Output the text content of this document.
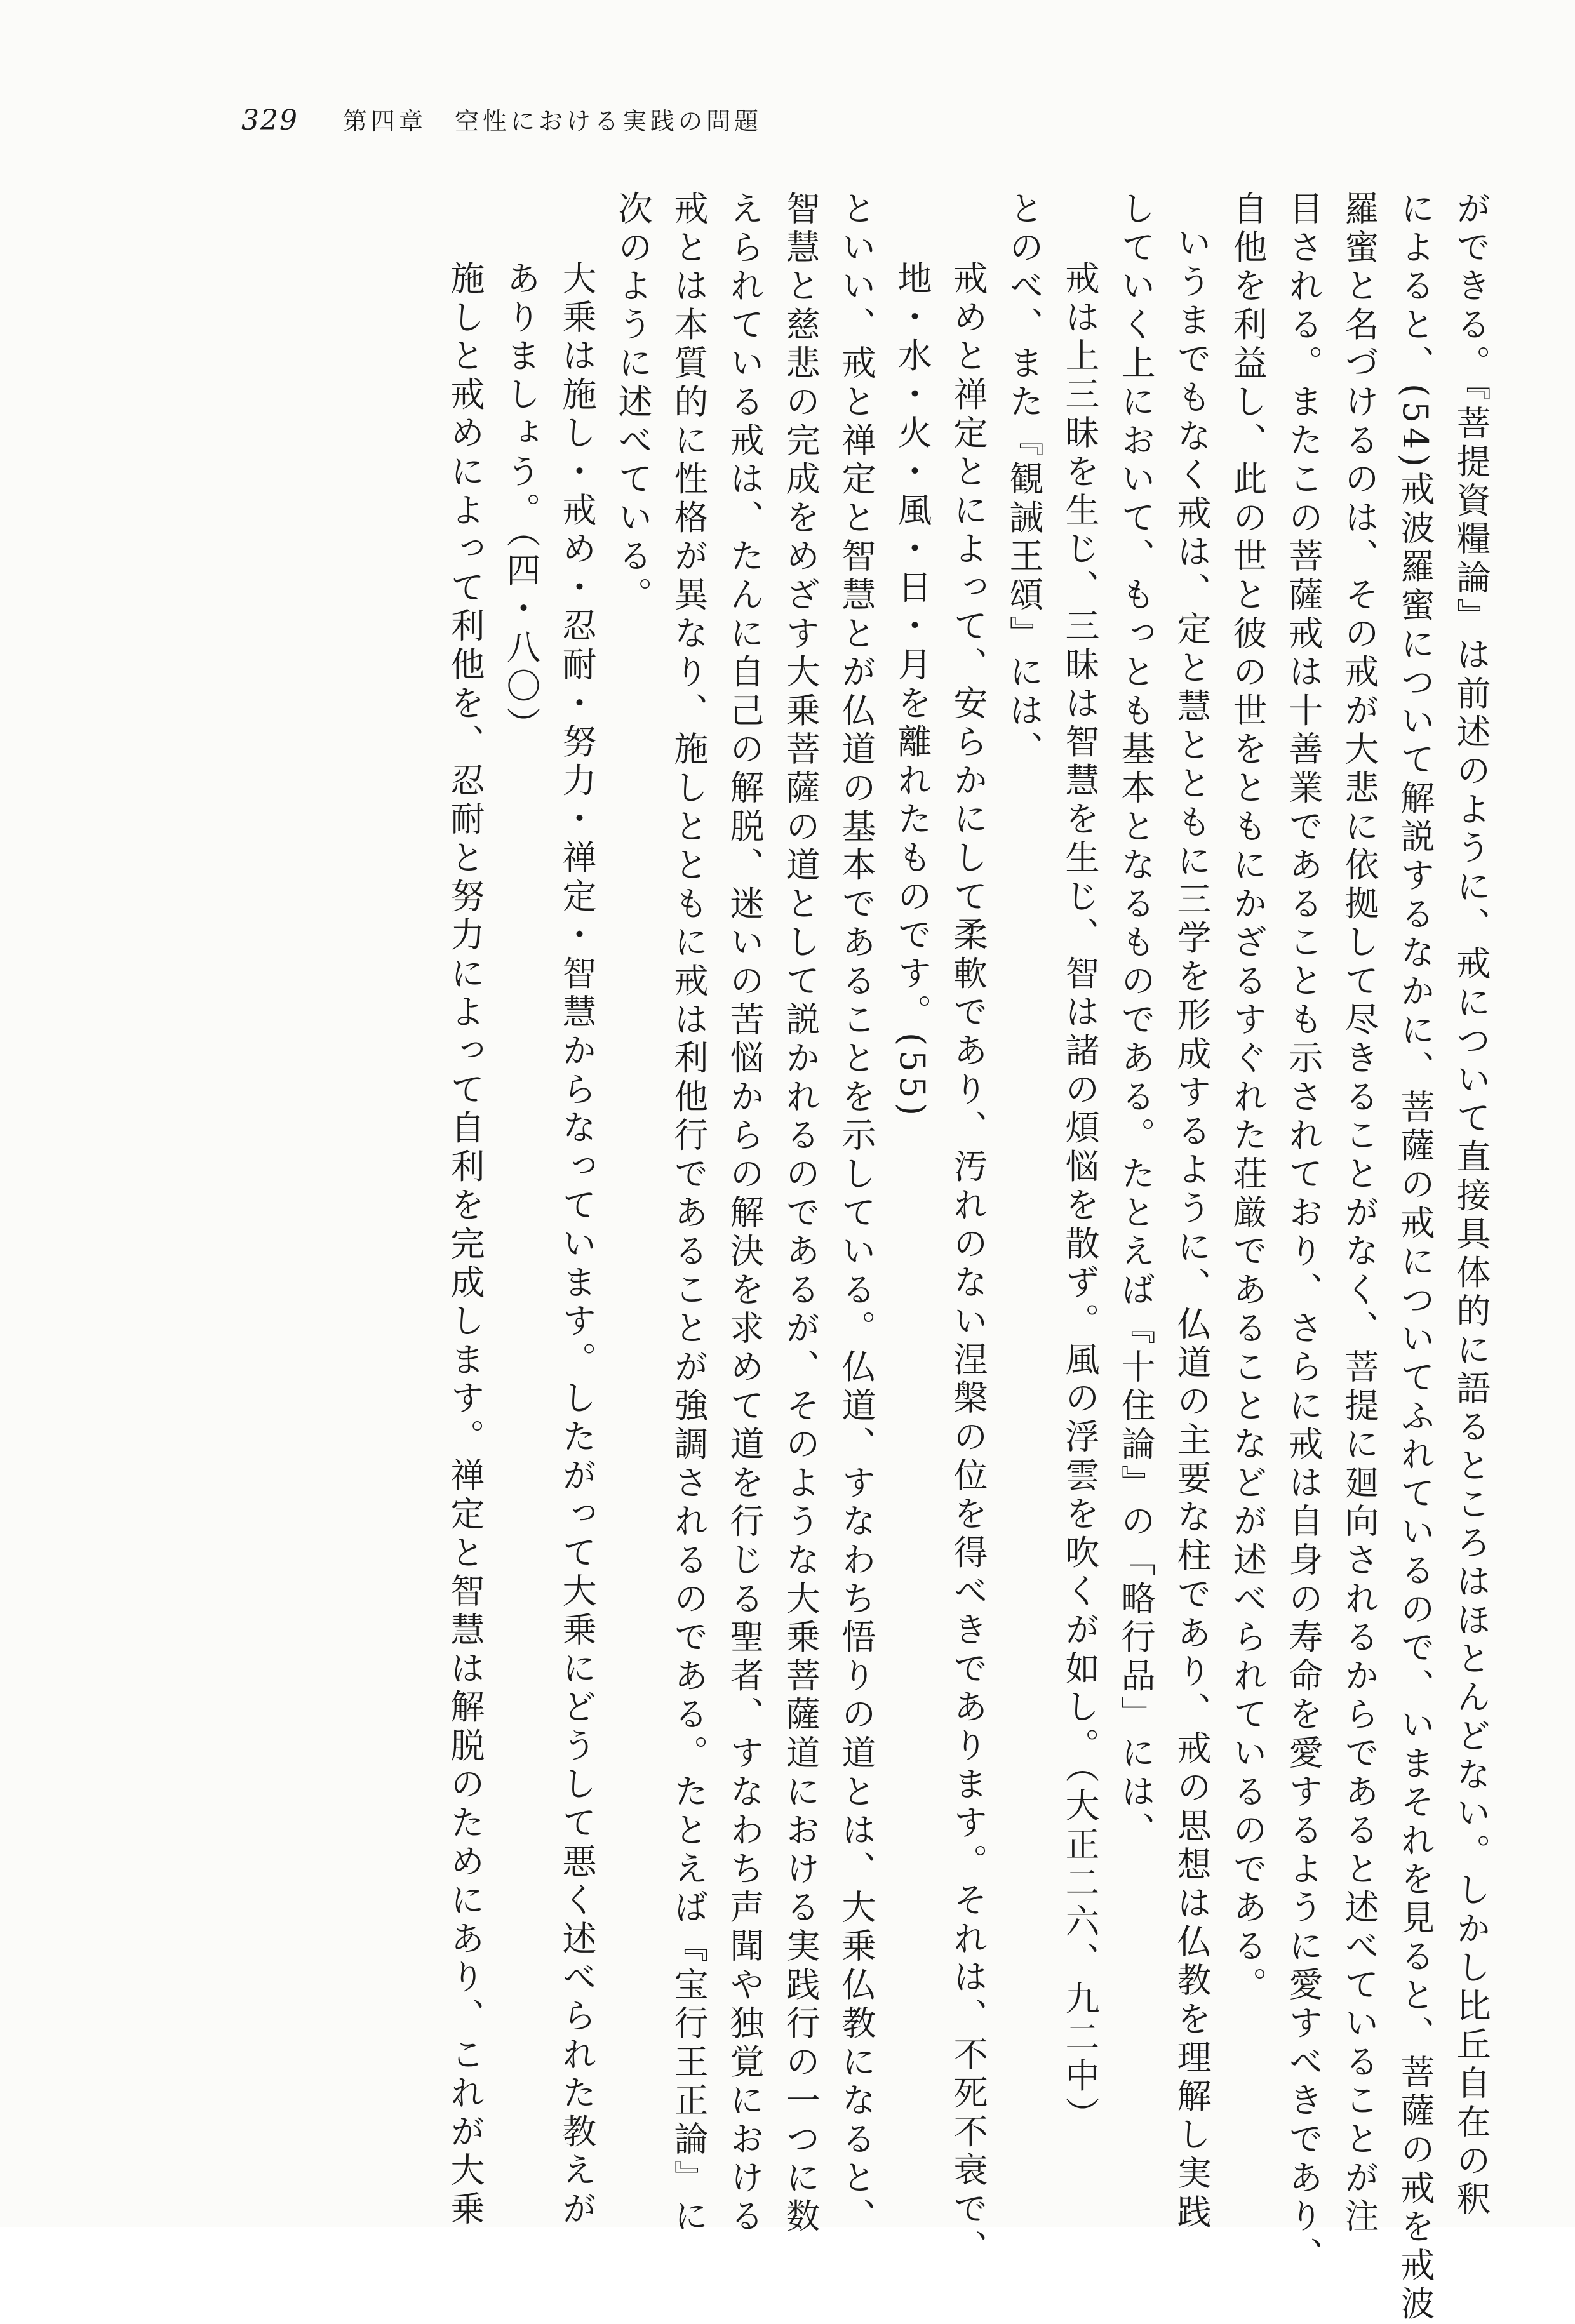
329 第四章　空性における実践の問題
ができる。『菩提資糧論』は前述のように、戒について直接具体的に語るところはほとんどない。しかし比丘自在の釈
によると、(54)戒波羅蜜について解説するなかに、菩薩の戒についてふれているので、いまそれを見ると、菩薩の戒を戒波
羅蜜と名づけるのは、その戒が大悲に依拠して尽きることがなく、菩提に廻向されるからであると述べていることが注
目される。またこの菩薩戒は十善業であることも示されており、さらに戒は自身の寿命を愛するように愛すべきであり、
自他を利益し、此の世と彼の世をともにかざるすぐれた荘厳であることなどが述べられているのである。
いうまでもなく戒は、定と慧とともに三学を形成するように、仏道の主要な柱であり、戒の思想は仏教を理解し実践
していく上において、もっとも基本となるものである。たとえば『十住論』の「略行品」には、
戒は上三昧を生じ、三昧は智慧を生じ、智は諸の煩悩を散ず。風の浮雲を吹くが如し。（大正二六、九二中）
とのべ、また『観誡王頌』には、
戒めと禅定とによって、安らかにして柔軟であり、汚れのない涅槃の位を得べきであります。それは、不死不衰で、
地・水・火・風・日・月を離れたものです。(55)
といい、戒と禅定と智慧とが仏道の基本であることを示している。仏道、すなわち悟りの道とは、大乗仏教になると、
智慧と慈悲の完成をめざす大乗菩薩の道として説かれるのであるが、そのような大乗菩薩道における実践行の一つに数
えられている戒は、たんに自己の解脱、迷いの苦悩からの解決を求めて道を行じる聖者、すなわち声聞や独覚における
戒とは本質的に性格が異なり、施しとともに戒は利他行であることが強調されるのである。たとえば『宝行王正論』に
次のように述べている。
大乗は施し・戒め・忍耐・努力・禅定・智慧からなっています。したがって大乗にどうして悪く述べられた教えが
ありましょう。（四・八〇）
施しと戒めによって利他を、忍耐と努力によって自利を完成します。禅定と智慧は解脱のためにあり、これが大乗
